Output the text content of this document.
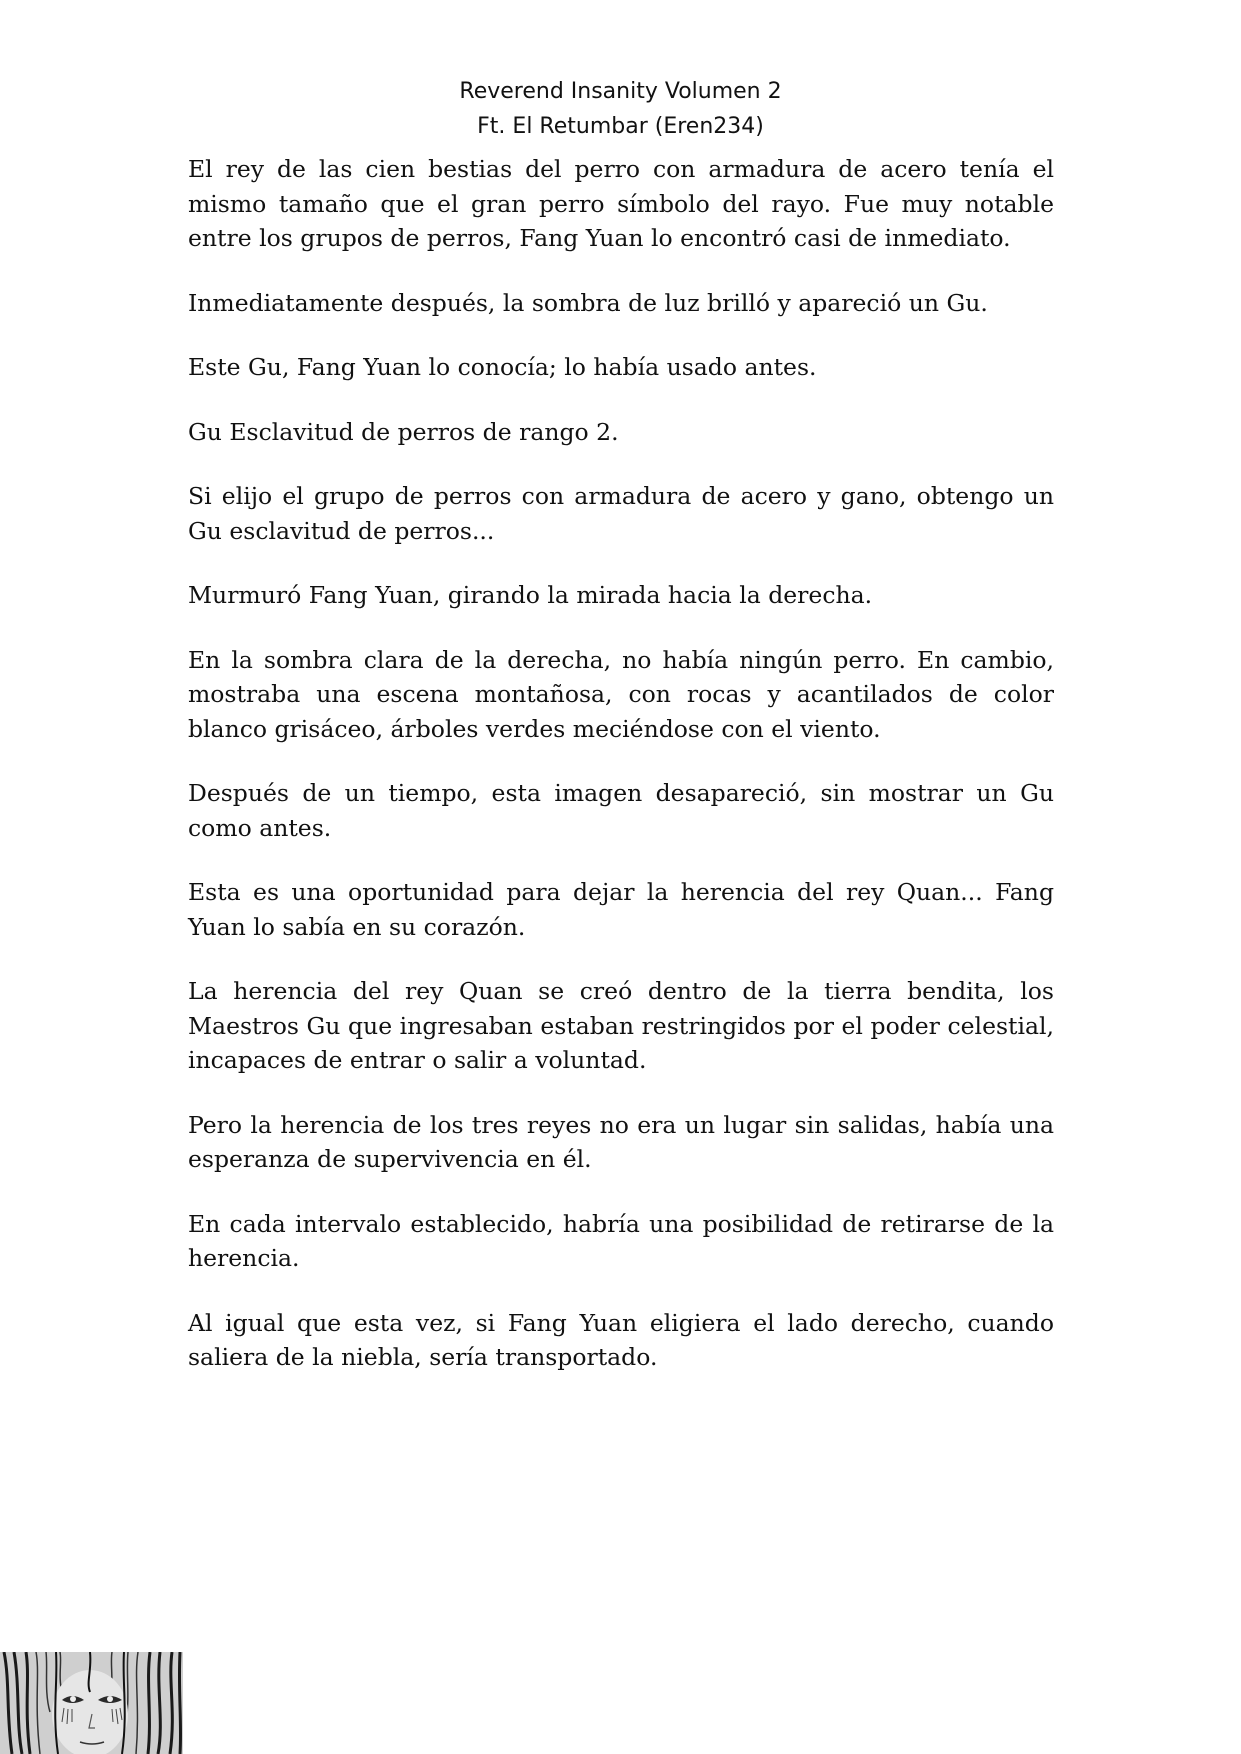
Reverend Insanity Volumen 2
Ft. El Retumbar (Eren234)

El rey de las cien bestias del perro con armadura de acero tenía el mismo tamaño que el gran perro símbolo del rayo. Fue muy notable entre los grupos de perros, Fang Yuan lo encontró casi de inmediato.

Inmediatamente después, la sombra de luz brilló y apareció un Gu.

Este Gu, Fang Yuan lo conocía; lo había usado antes.

Gu Esclavitud de perros de rango 2.

Si elijo el grupo de perros con armadura de acero y gano, obtengo un Gu esclavitud de perros...

Murmuró Fang Yuan, girando la mirada hacia la derecha.

En la sombra clara de la derecha, no había ningún perro. En cambio, mostraba una escena montañosa, con rocas y acantilados de color blanco grisáceo, árboles verdes meciéndose con el viento.

Después de un tiempo, esta imagen desapareció, sin mostrar un Gu como antes.

Esta es una oportunidad para dejar la herencia del rey Quan... Fang Yuan lo sabía en su corazón.

La herencia del rey Quan se creó dentro de la tierra bendita, los Maestros Gu que ingresaban estaban restringidos por el poder celestial, incapaces de entrar o salir a voluntad.

Pero la herencia de los tres reyes no era un lugar sin salidas, había una esperanza de supervivencia en él.

En cada intervalo establecido, habría una posibilidad de retirarse de la herencia.

Al igual que esta vez, si Fang Yuan eligiera el lado derecho, cuando saliera de la niebla, sería transportado.
